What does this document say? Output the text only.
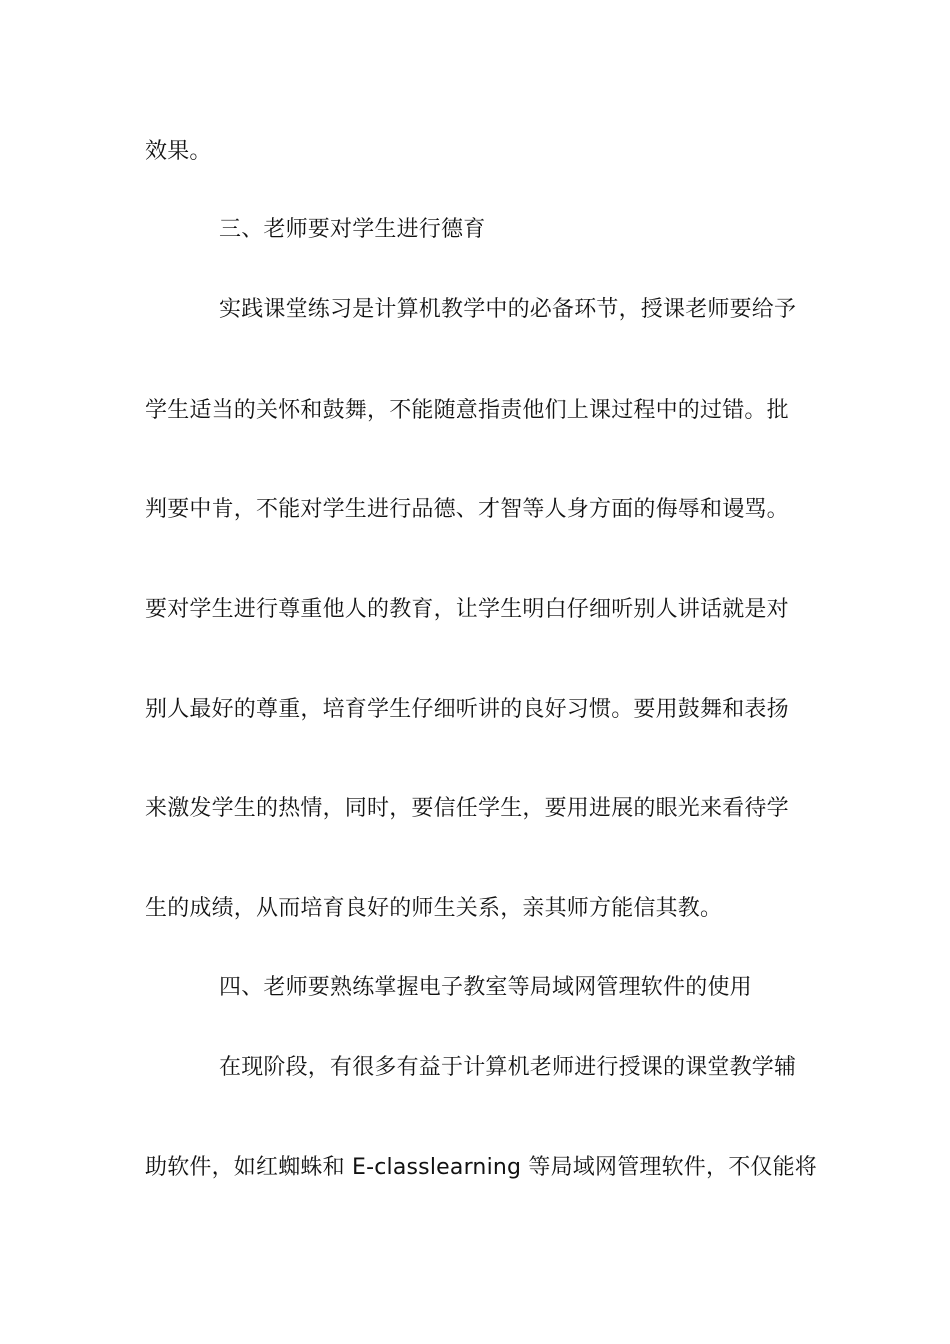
效果。
三、老师要对学生进行德育
实践课堂练习是计算机教学中的必备环节，授课老师要给予
学生适当的关怀和鼓舞，不能随意指责他们上课过程中的过错。批
判要中肯，不能对学生进行品德、才智等人身方面的侮辱和谩骂。
要对学生进行尊重他人的教育，让学生明白仔细听别人讲话就是对
别人最好的尊重，培育学生仔细听讲的良好习惯。要用鼓舞和表扬
来激发学生的热情，同时，要信任学生，要用进展的眼光来看待学
生的成绩，从而培育良好的师生关系，亲其师方能信其教。
四、老师要熟练掌握电子教室等局域网管理软件的使用
在现阶段，有很多有益于计算机老师进行授课的课堂教学辅
助软件，如红蜘蛛和 E-classlearning 等局域网管理软件，不仅能将
